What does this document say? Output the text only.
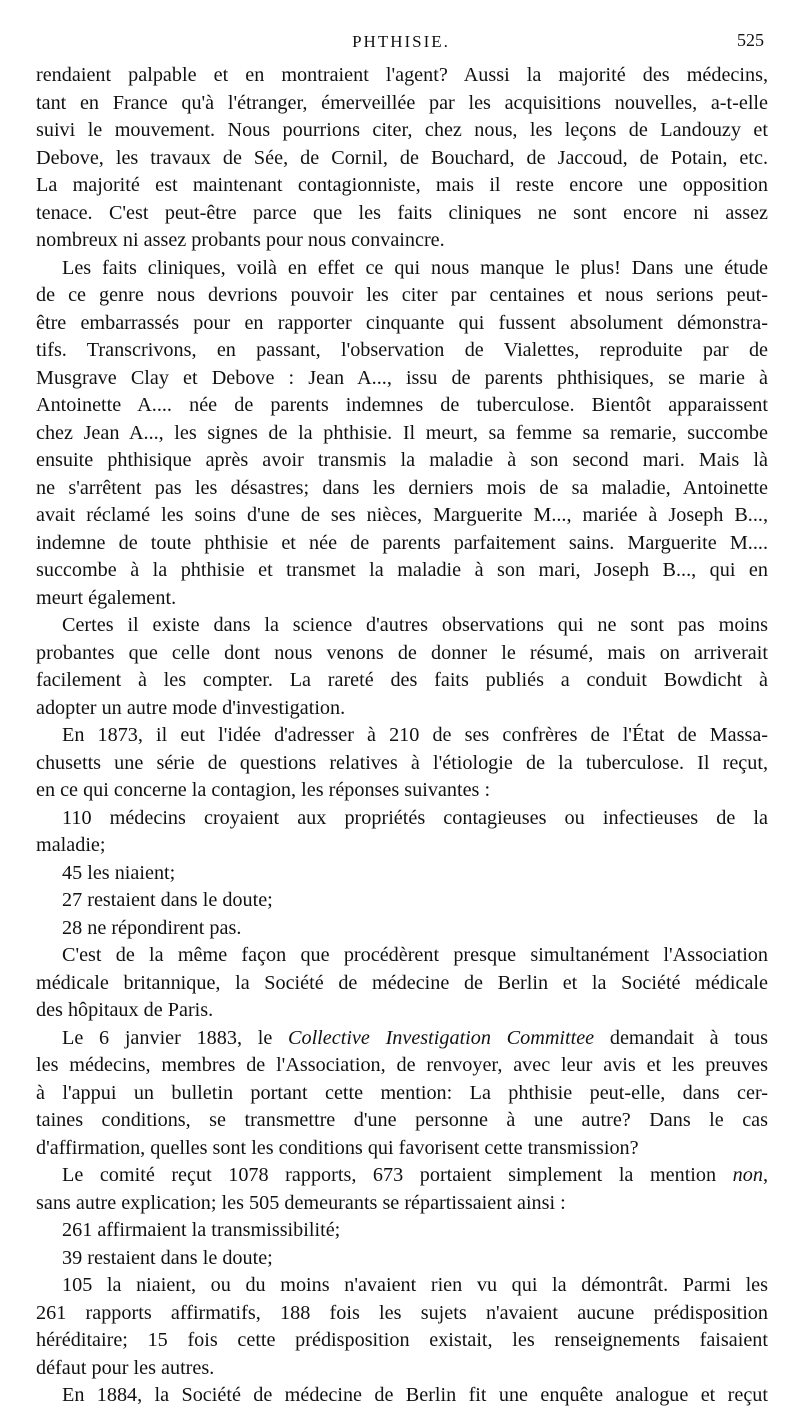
PHTHISIE.	525
rendaient palpable et en montraient l'agent? Aussi la majorité des médecins,
tant en France qu'à l'étranger, émerveillée par les acquisitions nouvelles, a-t-elle
suivi le mouvement. Nous pourrions citer, chez nous, les leçons de Landouzy et
Debove, les travaux de Sée, de Cornil, de Bouchard, de Jaccoud, de Potain, etc.
La majorité est maintenant contagionniste, mais il reste encore une opposition
tenace. C'est peut-être parce que les faits cliniques ne sont encore ni assez
nombreux ni assez probants pour nous convaincre.
Les faits cliniques, voilà en effet ce qui nous manque le plus! Dans une étude
de ce genre nous devrions pouvoir les citer par centaines et nous serions peut-
être embarrassés pour en rapporter cinquante qui fussent absolument démonstra-
tifs. Transcrivons, en passant, l'observation de Vialettes, reproduite par de
Musgrave Clay et Debove : Jean A..., issu de parents phthisiques, se marie à
Antoinette A.... née de parents indemnes de tuberculose. Bientôt apparaissent
chez Jean A..., les signes de la phthisie. Il meurt, sa femme sa remarie, succombe
ensuite phthisique après avoir transmis la maladie à son second mari. Mais là
ne s'arrêtent pas les désastres; dans les derniers mois de sa maladie, Antoinette
avait réclamé les soins d'une de ses nièces, Marguerite M..., mariée à Joseph B...,
indemne de toute phthisie et née de parents parfaitement sains. Marguerite M....
succombe à la phthisie et transmet la maladie à son mari, Joseph B..., qui en
meurt également.
Certes il existe dans la science d'autres observations qui ne sont pas moins
probantes que celle dont nous venons de donner le résumé, mais on arriverait
facilement à les compter. La rareté des faits publiés a conduit Bowdicht à
adopter un autre mode d'investigation.
En 1873, il eut l'idée d'adresser à 210 de ses confrères de l'État de Massa-
chusetts une série de questions relatives à l'étiologie de la tuberculose. Il reçut,
en ce qui concerne la contagion, les réponses suivantes :
110 médecins croyaient aux propriétés contagieuses ou infectieuses de la
maladie;
45 les niaient;
27 restaient dans le doute;
28 ne répondirent pas.
C'est de la même façon que procédèrent presque simultanément l'Association
médicale britannique, la Société de médecine de Berlin et la Société médicale
des hôpitaux de Paris.
Le 6 janvier 1883, le Collective Investigation Committee demandait à tous
les médecins, membres de l'Association, de renvoyer, avec leur avis et les preuves
à l'appui un bulletin portant cette mention: La phthisie peut-elle, dans cer-
taines conditions, se transmettre d'une personne à une autre? Dans le cas
d'affirmation, quelles sont les conditions qui favorisent cette transmission?
Le comité reçut 1078 rapports, 673 portaient simplement la mention non,
sans autre explication; les 505 demeurants se répartissaient ainsi :
261 affirmaient la transmissibilité;
39 restaient dans le doute;
105 la niaient, ou du moins n'avaient rien vu qui la démontrât. Parmi les
261 rapports affirmatifs, 188 fois les sujets n'avaient aucune prédisposition
héréditaire; 15 fois cette prédisposition existait, les renseignements faisaient
défaut pour les autres.
En 1884, la Société de médecine de Berlin fit une enquête analogue et reçut
